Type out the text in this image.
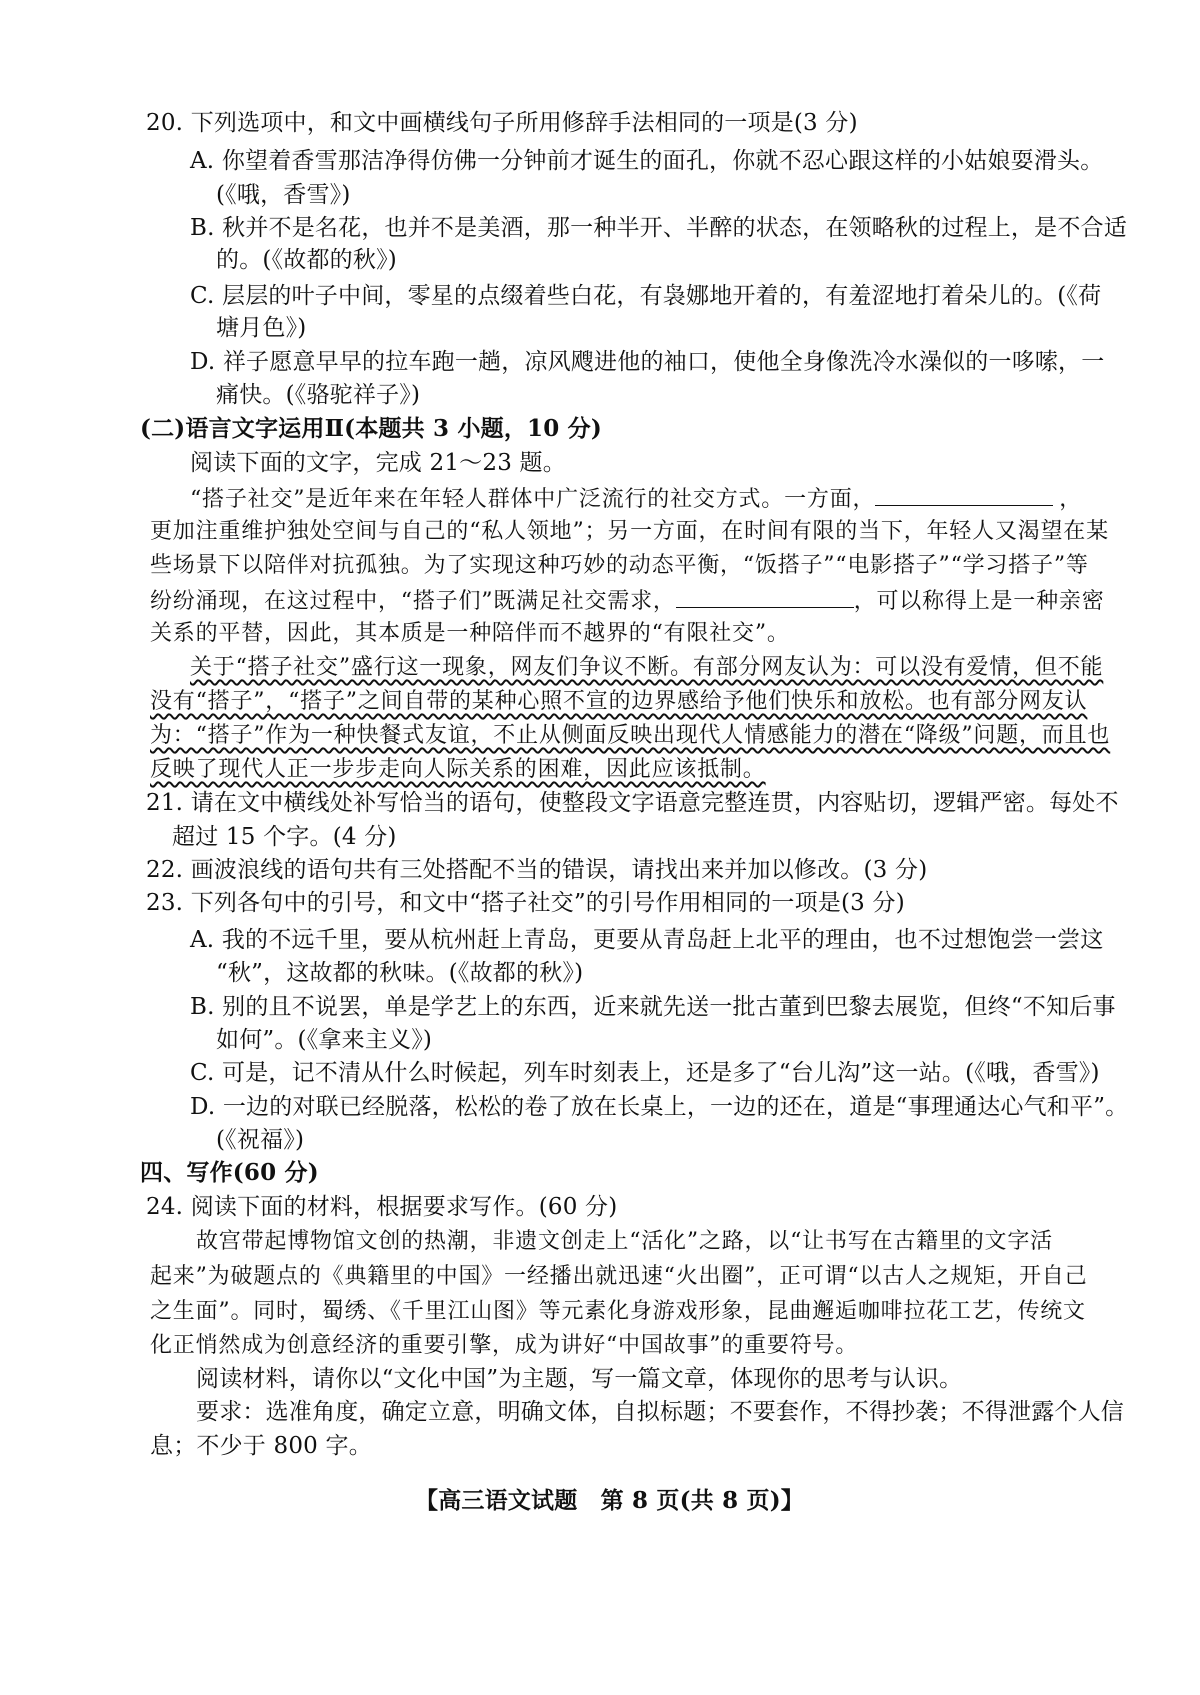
20. 下列选项中，和文中画横线句子所用修辞手法相同的一项是(3 分)
A. 你望着香雪那洁净得仿佛一分钟前才诞生的面孔，你就不忍心跟这样的小姑娘耍滑头。
(《哦，香雪》)
B. 秋并不是名花，也并不是美酒，那一种半开、半醉的状态，在领略秋的过程上，是不合适
的。(《故都的秋》)
C. 层层的叶子中间，零星的点缀着些白花，有袅娜地开着的，有羞涩地打着朵儿的。(《荷
塘月色》)
D. 祥子愿意早早的拉车跑一趟，凉风飕进他的袖口，使他全身像洗冷水澡似的一哆嗦，一
痛快。(《骆驼祥子》)
(二)语言文字运用Ⅱ(本题共 3 小题，10 分)
阅读下面的文字，完成 21～23 题。
“搭子社交”是近年来在年轻人群体中广泛流行的社交方式。一方面，	，
更加注重维护独处空间与自己的“私人领地”；另一方面，在时间有限的当下，年轻人又渴望在某
些场景下以陪伴对抗孤独。为了实现这种巧妙的动态平衡，“饭搭子”“电影搭子”“学习搭子”等
纷纷涌现，在这过程中，“搭子们”既满足社交需求，	，可以称得上是一种亲密
关系的平替，因此，其本质是一种陪伴而不越界的“有限社交”。
关于“搭子社交”盛行这一现象，网友们争议不断。有部分网友认为：可以没有爱情，但不能
没有“搭子”，“搭子”之间自带的某种心照不宣的边界感给予他们快乐和放松。也有部分网友认
为：“搭子”作为一种快餐式友谊，不止从侧面反映出现代人情感能力的潜在“降级”问题，而且也
反映了现代人正一步步走向人际关系的困难，因此应该抵制。
21. 请在文中横线处补写恰当的语句，使整段文字语意完整连贯，内容贴切，逻辑严密。每处不
超过 15 个字。(4 分)
22. 画波浪线的语句共有三处搭配不当的错误，请找出来并加以修改。(3 分)
23. 下列各句中的引号，和文中“搭子社交”的引号作用相同的一项是(3 分)
A. 我的不远千里，要从杭州赶上青岛，更要从青岛赶上北平的理由，也不过想饱尝一尝这
“秋”，这故都的秋味。(《故都的秋》)
B. 别的且不说罢，单是学艺上的东西，近来就先送一批古董到巴黎去展览，但终“不知后事
如何”。(《拿来主义》)
C. 可是，记不清从什么时候起，列车时刻表上，还是多了“台儿沟”这一站。(《哦，香雪》)
D. 一边的对联已经脱落，松松的卷了放在长桌上，一边的还在，道是“事理通达心气和平”。
(《祝福》)
四、写作(60 分)
24. 阅读下面的材料，根据要求写作。(60 分)
故宫带起博物馆文创的热潮，非遗文创走上“活化”之路，以“让书写在古籍里的文字活
起来”为破题点的《典籍里的中国》一经播出就迅速“火出圈”，正可谓“以古人之规矩，开自己
之生面”。同时，蜀绣、《千里江山图》等元素化身游戏形象，昆曲邂逅咖啡拉花工艺，传统文
化正悄然成为创意经济的重要引擎，成为讲好“中国故事”的重要符号。
阅读材料，请你以“文化中国”为主题，写一篇文章，体现你的思考与认识。
要求：选准角度，确定立意，明确文体，自拟标题；不要套作，不得抄袭；不得泄露个人信
息；不少于 800 字。
【高三语文试题　第 8 页(共 8 页)】
